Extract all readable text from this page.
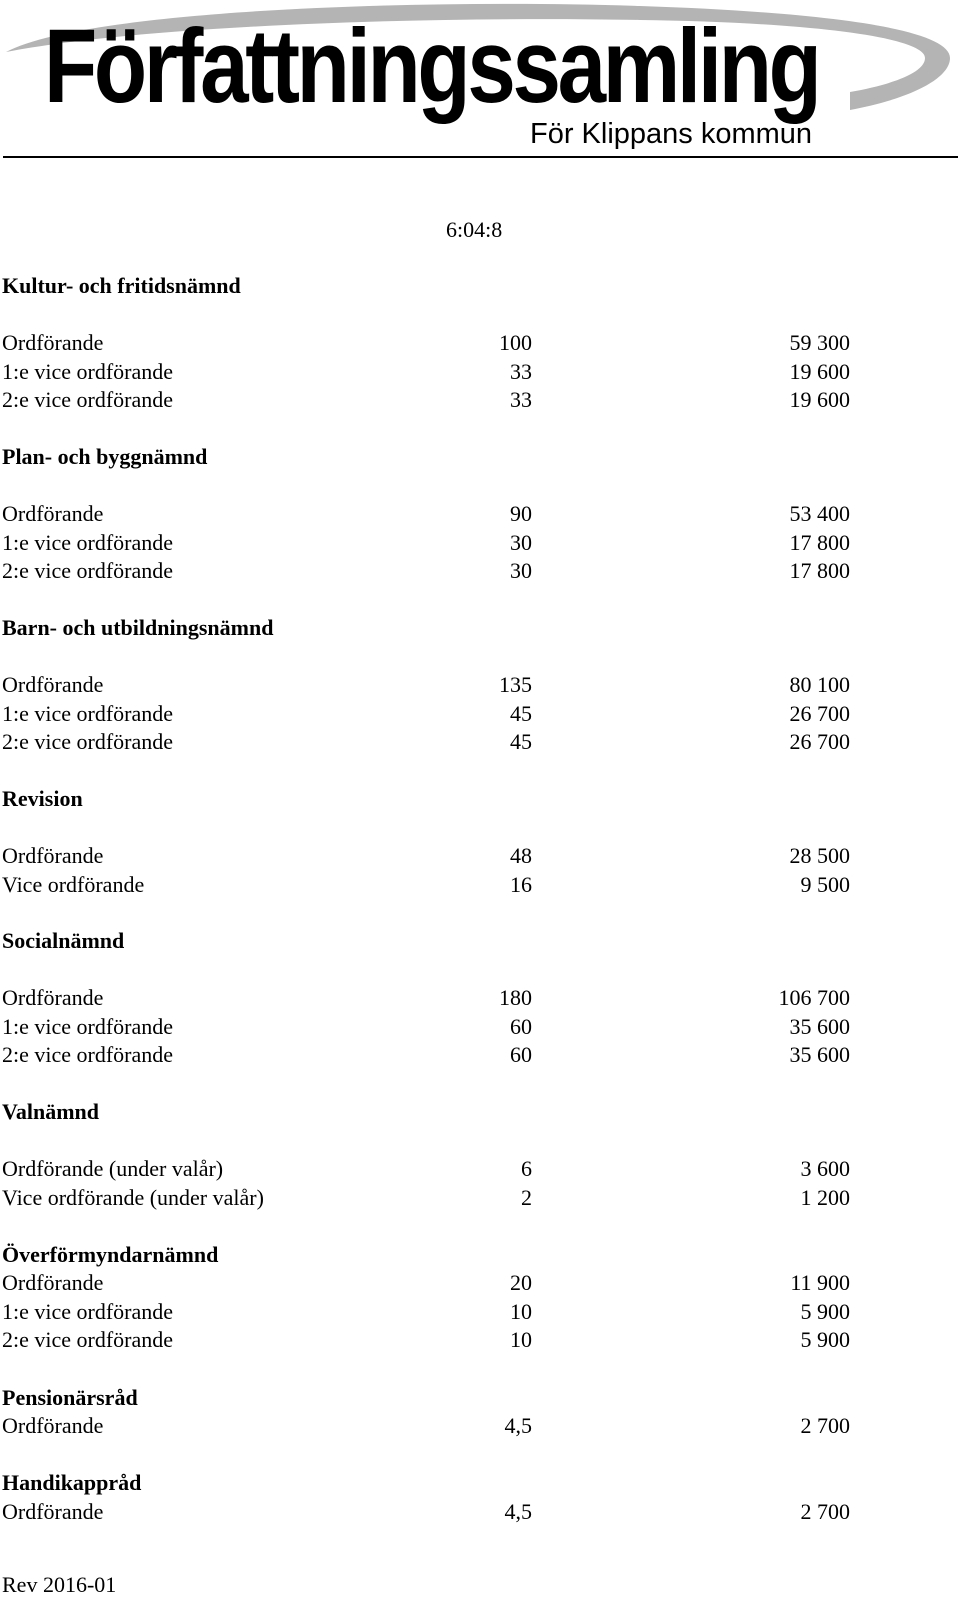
Författningssamling
För Klippans kommun
6:04:8
Kultur- och fritidsnämnd
Ordförande	100	59 300
1:e vice ordförande	33	19 600
2:e vice ordförande	33	19 600
Plan- och byggnämnd
Ordförande	90	53 400
1:e vice ordförande	30	17 800
2:e vice ordförande	30	17 800
Barn- och utbildningsnämnd
Ordförande	135	80 100
1:e vice ordförande	45	26 700
2:e vice ordförande	45	26 700
Revision
Ordförande	48	28 500
Vice ordförande	16	9 500
Socialnämnd
Ordförande	180	106 700
1:e vice ordförande	60	35 600
2:e vice ordförande	60	35 600
Valnämnd
Ordförande (under valår)	6	3 600
Vice ordförande (under valår)	2	1 200
Överförmyndarnämnd
Ordförande	20	11 900
1:e vice ordförande	10	5 900
2:e vice ordförande	10	5 900
Pensionärsråd
Ordförande	4,5	2 700
Handikappråd
Ordförande	4,5	2 700
Rev 2016-01
